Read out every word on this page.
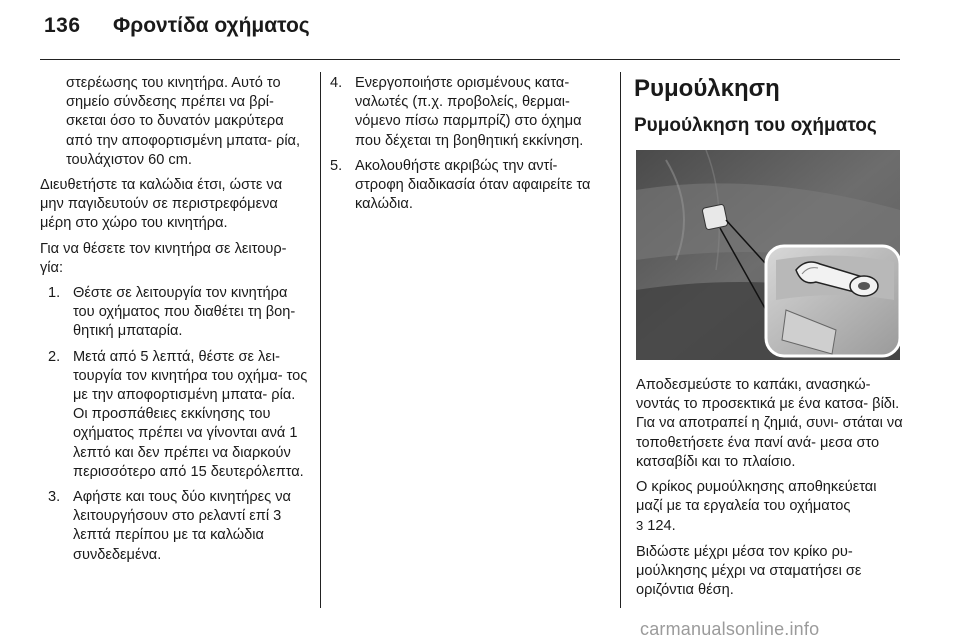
136 Φροντίδα οχήματος

στερέωσης του κινητήρα. Αυτό το σημείο σύνδεσης πρέπει να βρί- σκεται όσο το δυνατόν μακρύτερα από την αποφορτισμένη μπατα- ρία, τουλάχιστον 60 cm.

Διευθετήστε τα καλώδια έτσι, ώστε να μην παγιδευτούν σε περιστρεφόμενα μέρη στο χώρο του κινητήρα.

Για να θέσετε τον κινητήρα σε λειτουρ- γία:

1. Θέστε σε λειτουργία τον κινητήρα του οχήματος που διαθέτει τη βοη- θητική μπαταρία.
2. Μετά από 5 λεπτά, θέστε σε λει- τουργία τον κινητήρα του οχήμα- τος με την αποφορτισμένη μπατα- ρία. Οι προσπάθειες εκκίνησης του οχήματος πρέπει να γίνονται ανά 1 λεπτό και δεν πρέπει να διαρκούν περισσότερο από 15 δευτερόλεπτα.
3. Αφήστε και τους δύο κινητήρες να λειτουργήσουν στο ρελαντί επί 3 λεπτά περίπου με τα καλώδια συνδεδεμένα.
4. Ενεργοποιήστε ορισμένους κατα- ναλωτές (π.χ. προβολείς, θερμαι- νόμενο πίσω παρμπρίζ) στο όχημα που δέχεται τη βοηθητική εκκίνηση.
5. Ακολουθήστε ακριβώς την αντί- στροφη διαδικασία όταν αφαιρείτε τα καλώδια.
Ρυμούλκηση
Ρυμούλκηση του οχήματος

Αποδεσμεύστε το καπάκι, ανασηκώ- νοντάς το προσεκτικά με ένα κατσα- βίδι. Για να αποτραπεί η ζημιά, συνι- στάται να τοποθετήσετε ένα πανί ανά- μεσα στο κατσαβίδι και το πλαίσιο.

Ο κρίκος ρυμούλκησης αποθηκεύεται μαζί με τα εργαλεία του οχήματος
3 124.

Βιδώστε μέχρι μέσα τον κρίκο ρυ- μούλκησης μέχρι να σταματήσει σε οριζόντια θέση.

carmanualsonline.info
